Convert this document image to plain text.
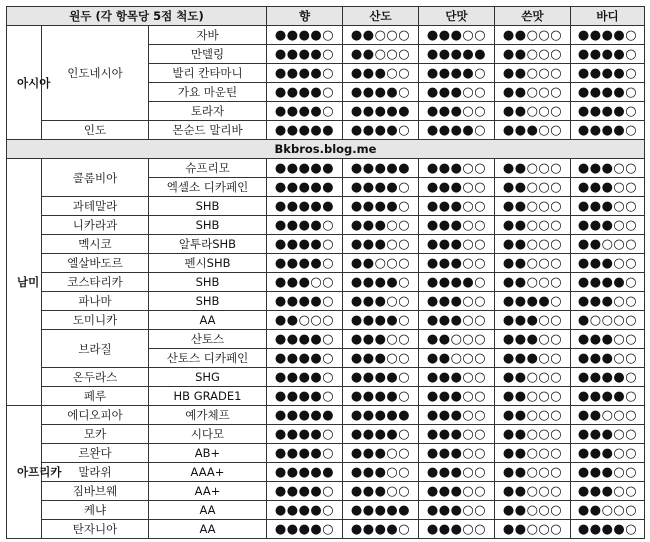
원두 (각 항목당 5점 척도)			향	산도	단맛	쓴맛	바디
아시아	인도네시아	자바	●●●●○	●●○○○	●●●○○	●●○○○	●●●●○
		만델링	●●●●○	●●○○○	●●●●●	●●○○○	●●●●○
		발리 칸타마니	●●●●○	●●●○○	●●●●○	●●○○○	●●●●○
		가요 마운틴	●●●●○	●●●●○	●●●○○	●●○○○	●●●●○
		토라자	●●●●○	●●●●●	●●●○○	●●○○○	●●●●○
	인도	몬순드 말리바	●●●●●	●●●●○	●●●●○	●●●○○	●●●●○
Bkbros.blog.me							
남미	콜롬비아	슈프리모	●●●●●	●●●●●	●●●○○	●●○○○	●●●○○
		엑셀소 디카페인	●●●●●	●●●●○	●●●○○	●●○○○	●●●○○
	과테말라	SHB	●●●●●	●●●●○	●●●○○	●●○○○	●●●○○
	니카라과	SHB	●●●●○	●●●○○	●●●○○	●●○○○	●●●○○
	멕시코	알투라SHB	●●●●○	●●●○○	●●●○○	●●○○○	●●○○○
	엘살바도르	펜시SHB	●●●●○	●●○○○	●●●○○	●●○○○	●●●○○
	코스타리카	SHB	●●●○○	●●●●○	●●●●○	●●○○○	●●●●○
	파나마	SHB	●●●●○	●●●○○	●●●○○	●●●●○	●●●○○
	도미니카	AA	●●○○○	●●●●○	●●●○○	●●●○○	●○○○○
	브라질	산토스	●●●●○	●●●○○	●●○○○	●●●○○	●●●○○
		산토스 디카페인	●●●●○	●●●○○	●●○○○	●●●○○	●●●○○
	온두라스	SHG	●●●●○	●●●●○	●●●○○	●●○○○	●●●●○
	페루	HB GRADE1	●●●●○	●●●●○	●●●○○	●●○○○	●●●●○
아프리카	에디오피아	예가체프	●●●●●	●●●●●	●●●○○	●●○○○	●●○○○
	모카	시다모	●●●●○	●●●●○	●●●○○	●●○○○	●●●○○
	르완다	AB+	●●●●○	●●●○○	●●●○○	●●○○○	●●●○○
	말라위	AAA+	●●●●●	●●●○○	●●●○○	●●○○○	●●●○○
	짐바브웨	AA+	●●●●○	●●●○○	●●●○○	●●○○○	●●●○○
	케냐	AA	●●●●○	●●●●●	●●●○○	●●○○○	●●○○○
	탄자니아	AA	●●●●○	●●●●○	●●●○○	●●○○○	●●●●○
